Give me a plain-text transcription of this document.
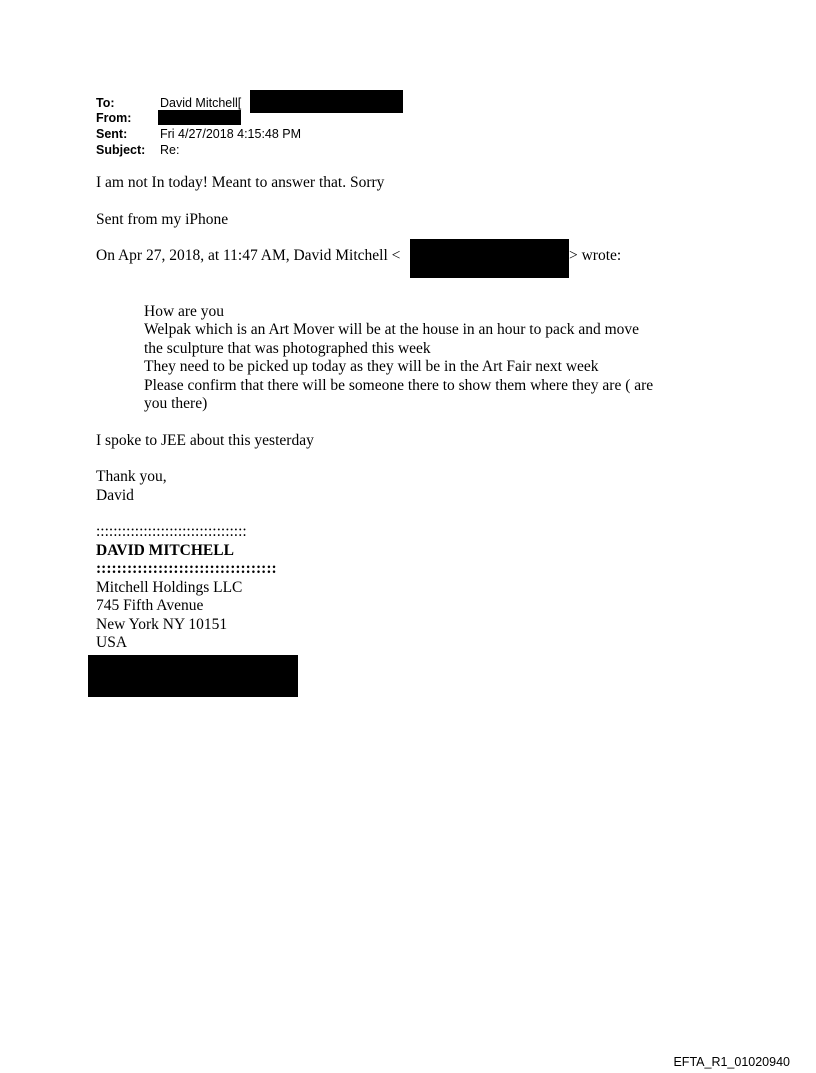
To:	David Mitchell[
From:
Sent:	Fri 4/27/2018 4:15:48 PM
Subject: Re:
I am not In today! Meant to answer that. Sorry
Sent from my iPhone
On Apr 27, 2018, at 11:47 AM, David Mitchell <	> wrote:
How are you
Welpak which is an Art Mover will be at the house in an hour to pack and move
the sculpture that was photographed this week
They need to be picked up today as they will be in the Art Fair next week
Please confirm that there will be someone there to show them where they are ( are
you there)
I spoke to JEE about this yesterday
Thank you,
David
:::::::::::::::::::::::::::::::::::
DAVID MITCHELL
:::::::::::::::::::::::::::::::::::
Mitchell Holdings LLC
745 Fifth Avenue
New York NY 10151
USA
EFTA_R1_01020940
